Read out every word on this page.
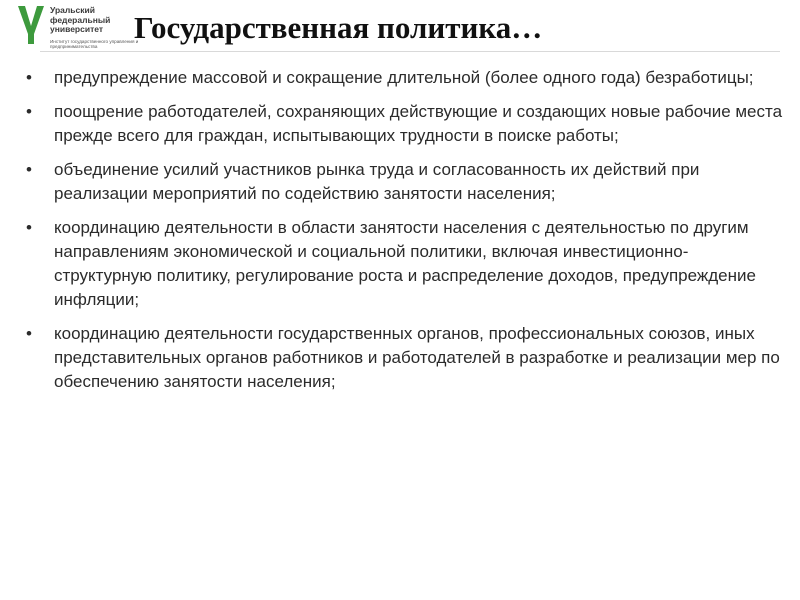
Уральский федеральный университет
Институт государственного управления и предпринимательства
Государственная политика…
• предупреждение массовой и сокращение длительной (более одного года) безработицы;
• поощрение работодателей, сохраняющих действующие и создающих новые рабочие места прежде всего для граждан, испытывающих трудности в поиске работы;
• объединение усилий участников рынка труда и согласованность их действий при реализации мероприятий по содействию занятости населения;
• координацию деятельности в области занятости населения с деятельностью по другим направлениям экономической и социальной политики, включая инвестиционно-структурную политику, регулирование роста и распределение доходов, предупреждение инфляции;
• координацию деятельности государственных органов, профессиональных союзов, иных представительных органов работников и работодателей в разработке и реализации мер по обеспечению занятости населения;
